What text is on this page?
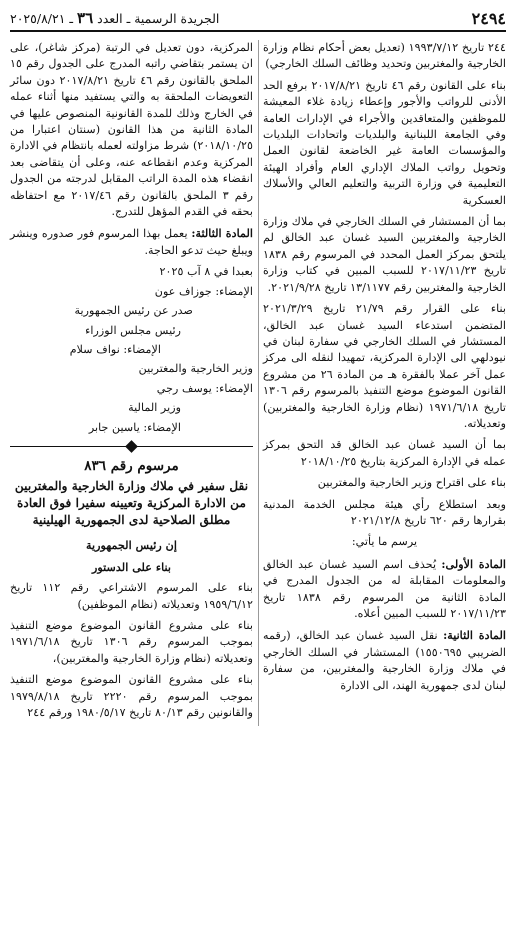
٢٤٩٤
الجريدة الرسمية ـ العدد ٣٦ ـ ٢٠٢٥/٨/٢١

٢٤٤ تاريخ ١٩٩٣/٧/١٢ (تعديل بعض أحكام نظام وزارة الخارجية والمغتربين وتحديد وظائف السلك الخارجي)

بناء على القانون رقم ٤٦ تاريخ ٢٠١٧/٨/٢١ برفع الحد الأدنى للرواتب والأجور وإعطاء زيادة غلاء المعيشة للموظفين والمتعاقدين والأجراء في الإدارات العامة وفي الجامعة اللبنانية والبلديات واتحادات البلديات والمؤسسات العامة غير الخاضعة لقانون العمل وتحويل رواتب الملاك الإداري العام وأفراد الهيئة التعليمية في وزارة التربية والتعليم العالي والأسلاك العسكرية

بما أن المستشار في السلك الخارجي في ملاك وزارة الخارجية والمغتربين السيد غسان عبد الخالق لم يلتحق بمركز العمل المحدد في المرسوم رقم ١٨٣٨ تاريخ ٢٠١٧/١١/٢٣ للسبب المبين في كتاب وزارة الخارجية والمغتربين رقم ١٣/١١٧٧ تاريخ ٢٠٢١/٩/٢٨.

بناء على القرار رقم ٢١/٧٩ تاريخ ٢٠٢١/٣/٢٩ المتضمن استدعاء السيد غسان عبد الخالق، المستشار في السلك الخارجي في سفارة لبنان في نيودلهي الى الإدارة المركزية، تمهيدا لنقله الى مركز عمل آخر عملا بالفقرة هـ من المادة ٢٦ من مشروع القانون الموضوع موضع التنفيذ بالمرسوم رقم ١٣٠٦ تاريخ ١٩٧١/٦/١٨ (نظام وزارة الخارجية والمغتربين) وتعديلاته.

بما أن السيد غسان عبد الخالق قد التحق بمركز عمله في الإدارة المركزية بتاريخ ٢٠١٨/١٠/٢٥

بناء على اقتراح وزير الخارجية والمغتربين

وبعد استطلاع رأي هيئة مجلس الخدمة المدنية بقرارها رقم ٦٢٠ تاريخ ٢٠٢١/١٢/٨

يرسم ما يأتي:

المادة الأولى: يُحذف اسم السيد غسان عبد الخالق والمعلومات المقابلة له من الجدول المدرج في المادة الثانية من المرسوم رقم ١٨٣٨ تاريخ ٢٠١٧/١١/٢٣ للسبب المبين أعلاه.

المادة الثانية: نقل السيد غسان عبد الخالق، (رقمه الضريبي ١٥٥٠٦٩٥) المستشار في السلك الخارجي في ملاك وزارة الخارجية والمغتربين، من سفارة لبنان لدى جمهورية الهند، الى الادارة

المركزية، دون تعديل في الرتبة (مركز شاغر)، على ان يستمر بتقاضي راتبه المدرج على الجدول رقم ١٥ الملحق بالقانون رقم ٤٦ تاريخ ٢٠١٧/٨/٢١ دون سائر التعويضات الملحقة به والتي يستفيد منها أثناء عمله في الخارج وذلك للمدة القانونية المنصوص عليها في المادة الثانية من هذا القانون (سنتان اعتبارا من ٢٠١٨/١٠/٢٥) شرط مزاولته لعمله بانتظام في الادارة المركزية وعدم انقطاعه عنه، وعلى أن يتقاضى بعد انقضاء هذه المدة الراتب المقابل لدرجته من الجدول رقم ٣ الملحق بالقانون رقم ٢٠١٧/٤٦ مع احتفاظه بحقه في القدم المؤهل للتدرج.

المادة الثالثة: يعمل بهذا المرسوم فور صدوره وينشر ويبلغ حيث تدعو الحاجة.

بعبدا في ٨ آب ٢٠٢٥
الإمضاء: جوزاف عون
صدر عن رئيس الجمهورية
رئيس مجلس الوزراء
الإمضاء: نواف سلام
وزير الخارجية والمغتربين
الإمضاء: يوسف رجي
وزير المالية
الإمضاء: ياسين جابر
مرسوم رقم ٨٣٦
نقل سفير في ملاك وزارة الخارجية والمغتربين من الادارة المركزية وتعيينه سفيرا فوق العادة مطلق الصلاحية لدى الجمهورية الهيلينية

إن رئيس الجمهورية

بناء على الدستور

بناء على المرسوم الاشتراعي رقم ١١٢ تاريخ ١٩٥٩/٦/١٢ وتعديلاته (نظام الموظفين)

بناء على مشروع القانون الموضوع موضع التنفيذ بموجب المرسوم رقم ١٣٠٦ تاريخ ١٩٧١/٦/١٨ وتعديلاته (نظام وزارة الخارجية والمغتربين)،

بناء على مشروع القانون الموضوع موضع التنفيذ بموجب المرسوم رقم ٢٢٢٠ تاريخ ١٩٧٩/٨/١٨ والقانونين رقم ٨٠/١٣ تاريخ ١٩٨٠/٥/١٧ ورقم ٢٤٤
